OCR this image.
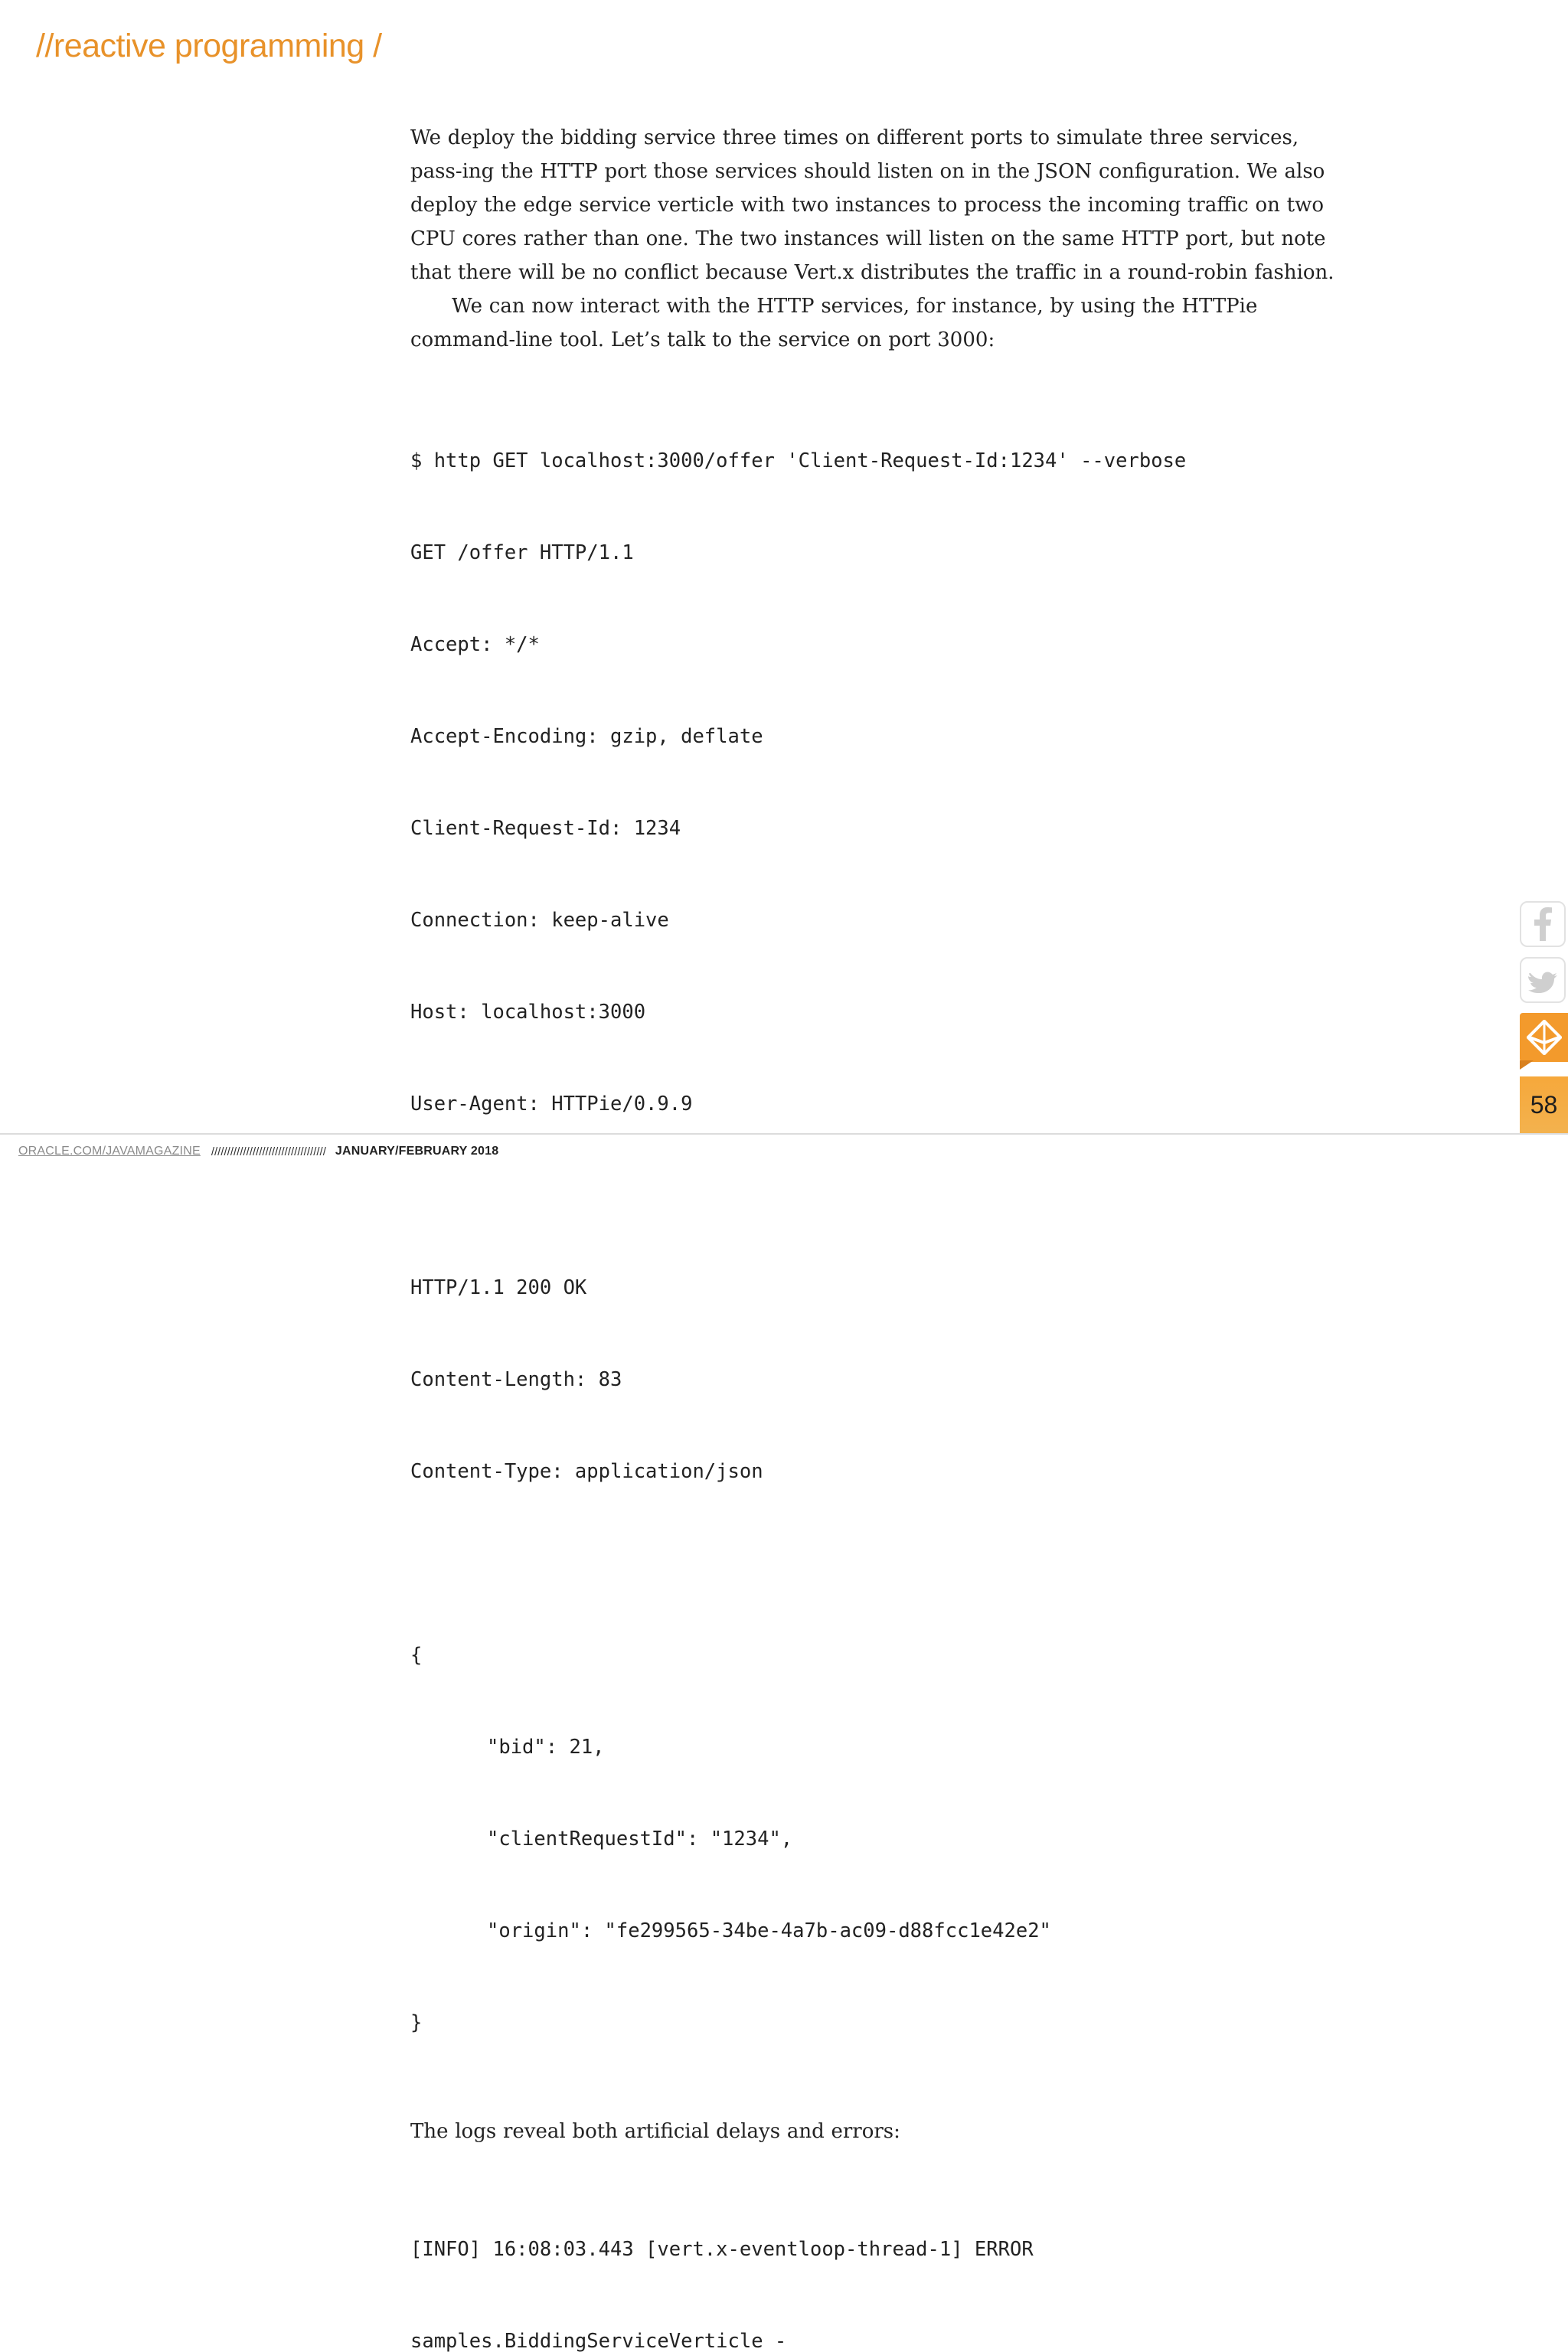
//reactive programming /

We deploy the bidding service three times on different ports to simulate three services, pass-ing the HTTP port those services should listen on in the JSON configuration. We also deploy the edge service verticle with two instances to process the incoming traffic on two CPU cores rather than one. The two instances will listen on the same HTTP port, but note that there will be no conflict because Vert.x distributes the traffic in a round-robin fashion.

We can now interact with the HTTP services, for instance, by using the HTTPie command-line tool. Let’s talk to the service on port 3000:

$ http GET localhost:3000/offer 'Client-Request-Id:1234' --verbose

GET /offer HTTP/1.1

Accept: */*

Accept-Encoding: gzip, deflate

Client-Request-Id: 1234

Connection: keep-alive

Host: localhost:3000

User-Agent: HTTPie/0.9.9

HTTP/1.1 200 OK

Content-Length: 83

Content-Type: application/json

{

"bid": 21,

"clientRequestId": "1234",

"origin": "fe299565-34be-4a7b-ac09-d88fcc1e42e2"

}

The logs reveal both artificial delays and errors:

[INFO] 16:08:03.443 [vert.x-eventloop-thread-1] ERROR

samples.BiddingServiceVerticle -

58
ORACLE.COM/JAVAMAGAZINE //////////////////////////////////// JANUARY/FEBRUARY 2018
